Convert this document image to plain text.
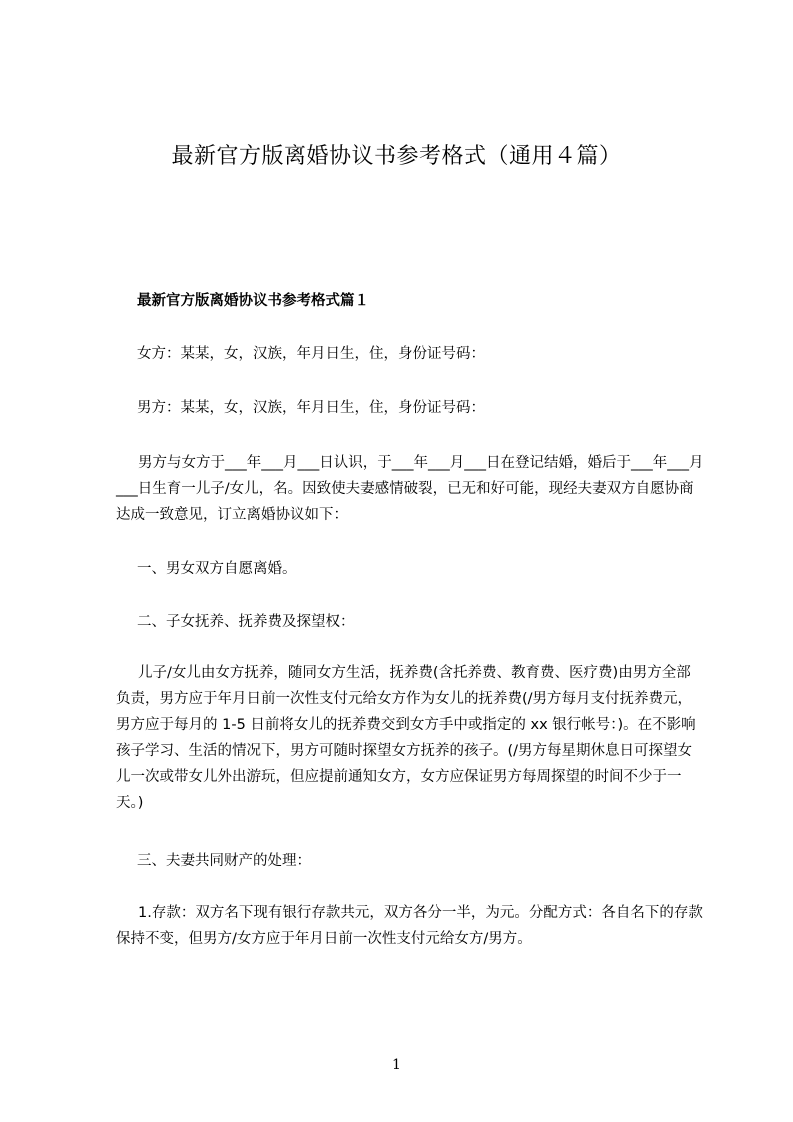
最新官方版离婚协议书参考格式（通用４篇）

最新官方版离婚协议书参考格式篇１

女方：某某，女，汉族，年月日生，住，身份证号码：

男方：某某，女，汉族，年月日生，住，身份证号码：

男方与女方于___年___月___日认识，于___年___月___日在登记结婚，婚后于___年___月___日生育一儿子/女儿，名。因致使夫妻感情破裂，已无和好可能，现经夫妻双方自愿协商达成一致意见，订立离婚协议如下：

一、男女双方自愿离婚。

二、子女抚养、抚养费及探望权：

儿子/女儿由女方抚养，随同女方生活，抚养费(含托养费、教育费、医疗费)由男方全部负责，男方应于年月日前一次性支付元给女方作为女儿的抚养费(/男方每月支付抚养费元，男方应于每月的 1-5 日前将女儿的抚养费交到女方手中或指定的 xx 银行帐号：)。在不影响孩子学习、生活的情况下，男方可随时探望女方抚养的孩子。(/男方每星期休息日可探望女儿一次或带女儿外出游玩，但应提前通知女方，女方应保证男方每周探望的时间不少于一天。)

三、夫妻共同财产的处理：

1.存款：双方名下现有银行存款共元，双方各分一半，为元。分配方式：各自名下的存款保持不变，但男方/女方应于年月日前一次性支付元给女方/男方。

1
